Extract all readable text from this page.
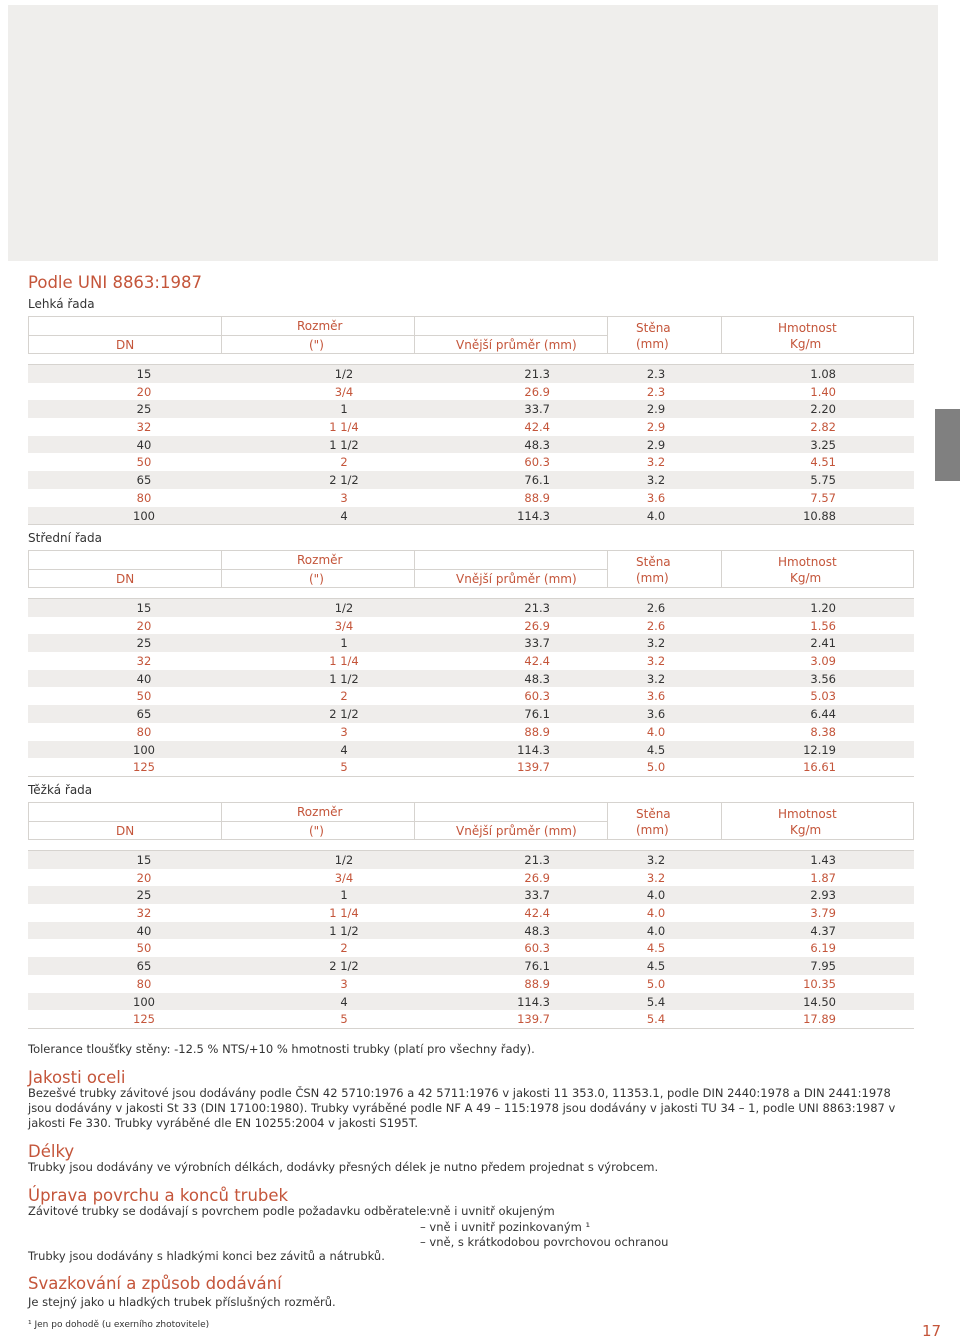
Podle UNI 8863:1987
Lehká řada
Rozměr
DN	(")	Vnější průměr (mm)
Stěna
(mm)
Hmotnost
Kg/m
15	1/2	21.3	2.3	1.08
20	3/4	26.9	2.3	1.40
25	1	33.7	2.9	2.20
32	1 1/4	42.4	2.9	2.82
40	1 1/2	48.3	2.9	3.25
50	2	60.3	3.2	4.51
65	2 1/2	76.1	3.2	5.75
80	3	88.9	3.6	7.57
100	4	114.3	4.0	10.88
Střední řada
Rozměr
DN	(")	Vnější průměr (mm)
Stěna
(mm)
Hmotnost
Kg/m
15	1/2	21.3	2.6	1.20
20	3/4	26.9	2.6	1.56
25	1	33.7	3.2	2.41
32	1 1/4	42.4	3.2	3.09
40	1 1/2	48.3	3.2	3.56
50	2	60.3	3.6	5.03
65	2 1/2	76.1	3.6	6.44
80	3	88.9	4.0	8.38
100	4	114.3	4.5	12.19
125	5	139.7	5.0	16.61
Těžká řada
Rozměr
DN	(")	Vnější průměr (mm)
Stěna
(mm)
Hmotnost
Kg/m
15	1/2	21.3	3.2	1.43
20	3/4	26.9	3.2	1.87
25	1	33.7	4.0	2.93
32	1 1/4	42.4	4.0	3.79
40	1 1/2	48.3	4.0	4.37
50	2	60.3	4.5	6.19
65	2 1/2	76.1	4.5	7.95
80	3	88.9	5.0	10.35
100	4	114.3	5.4	14.50
125	5	139.7	5.4	17.89

Tolerance tloušťky stěny: -12.5 % NTS/+10 % hmotnosti trubky (platí pro všechny řady).

Jakosti oceli

Bezešvé trubky závitové jsou dodávány podle ČSN 42 5710:1976 a 42 5711:1976 v jakosti 11 353.0, 11353.1, podle DIN 2440:1978 a DIN 2441:1978 jsou dodávány v jakosti St 33 (DIN 17100:1980). Trubky vyráběné podle NF A 49 – 115:1978 jsou dodávány v jakosti TU 34 – 1, podle UNI 8863:1987 v jakosti Fe 330. Trubky vyráběné dle EN 10255:2004 v jakosti S195T.

Délky

Trubky jsou dodávány ve výrobních délkách, dodávky přesných délek je nutno předem projednat s výrobcem.

Úprava povrchu a konců trubek

Závitové trubky se dodávají s povrchem podle požadavku odběratele:

– vně i uvnitř okujeným
– vně i uvnitř pozinkovaným ¹
– vně, s krátkodobou povrchovou ochranou

Trubky jsou dodávány s hladkými konci bez závitů a nátrubků.

Svazkování a způsob dodávání

Je stejný jako u hladkých trubek příslušných rozměrů.

¹ Jen po dohodě (u exerního zhotovitele)	17
